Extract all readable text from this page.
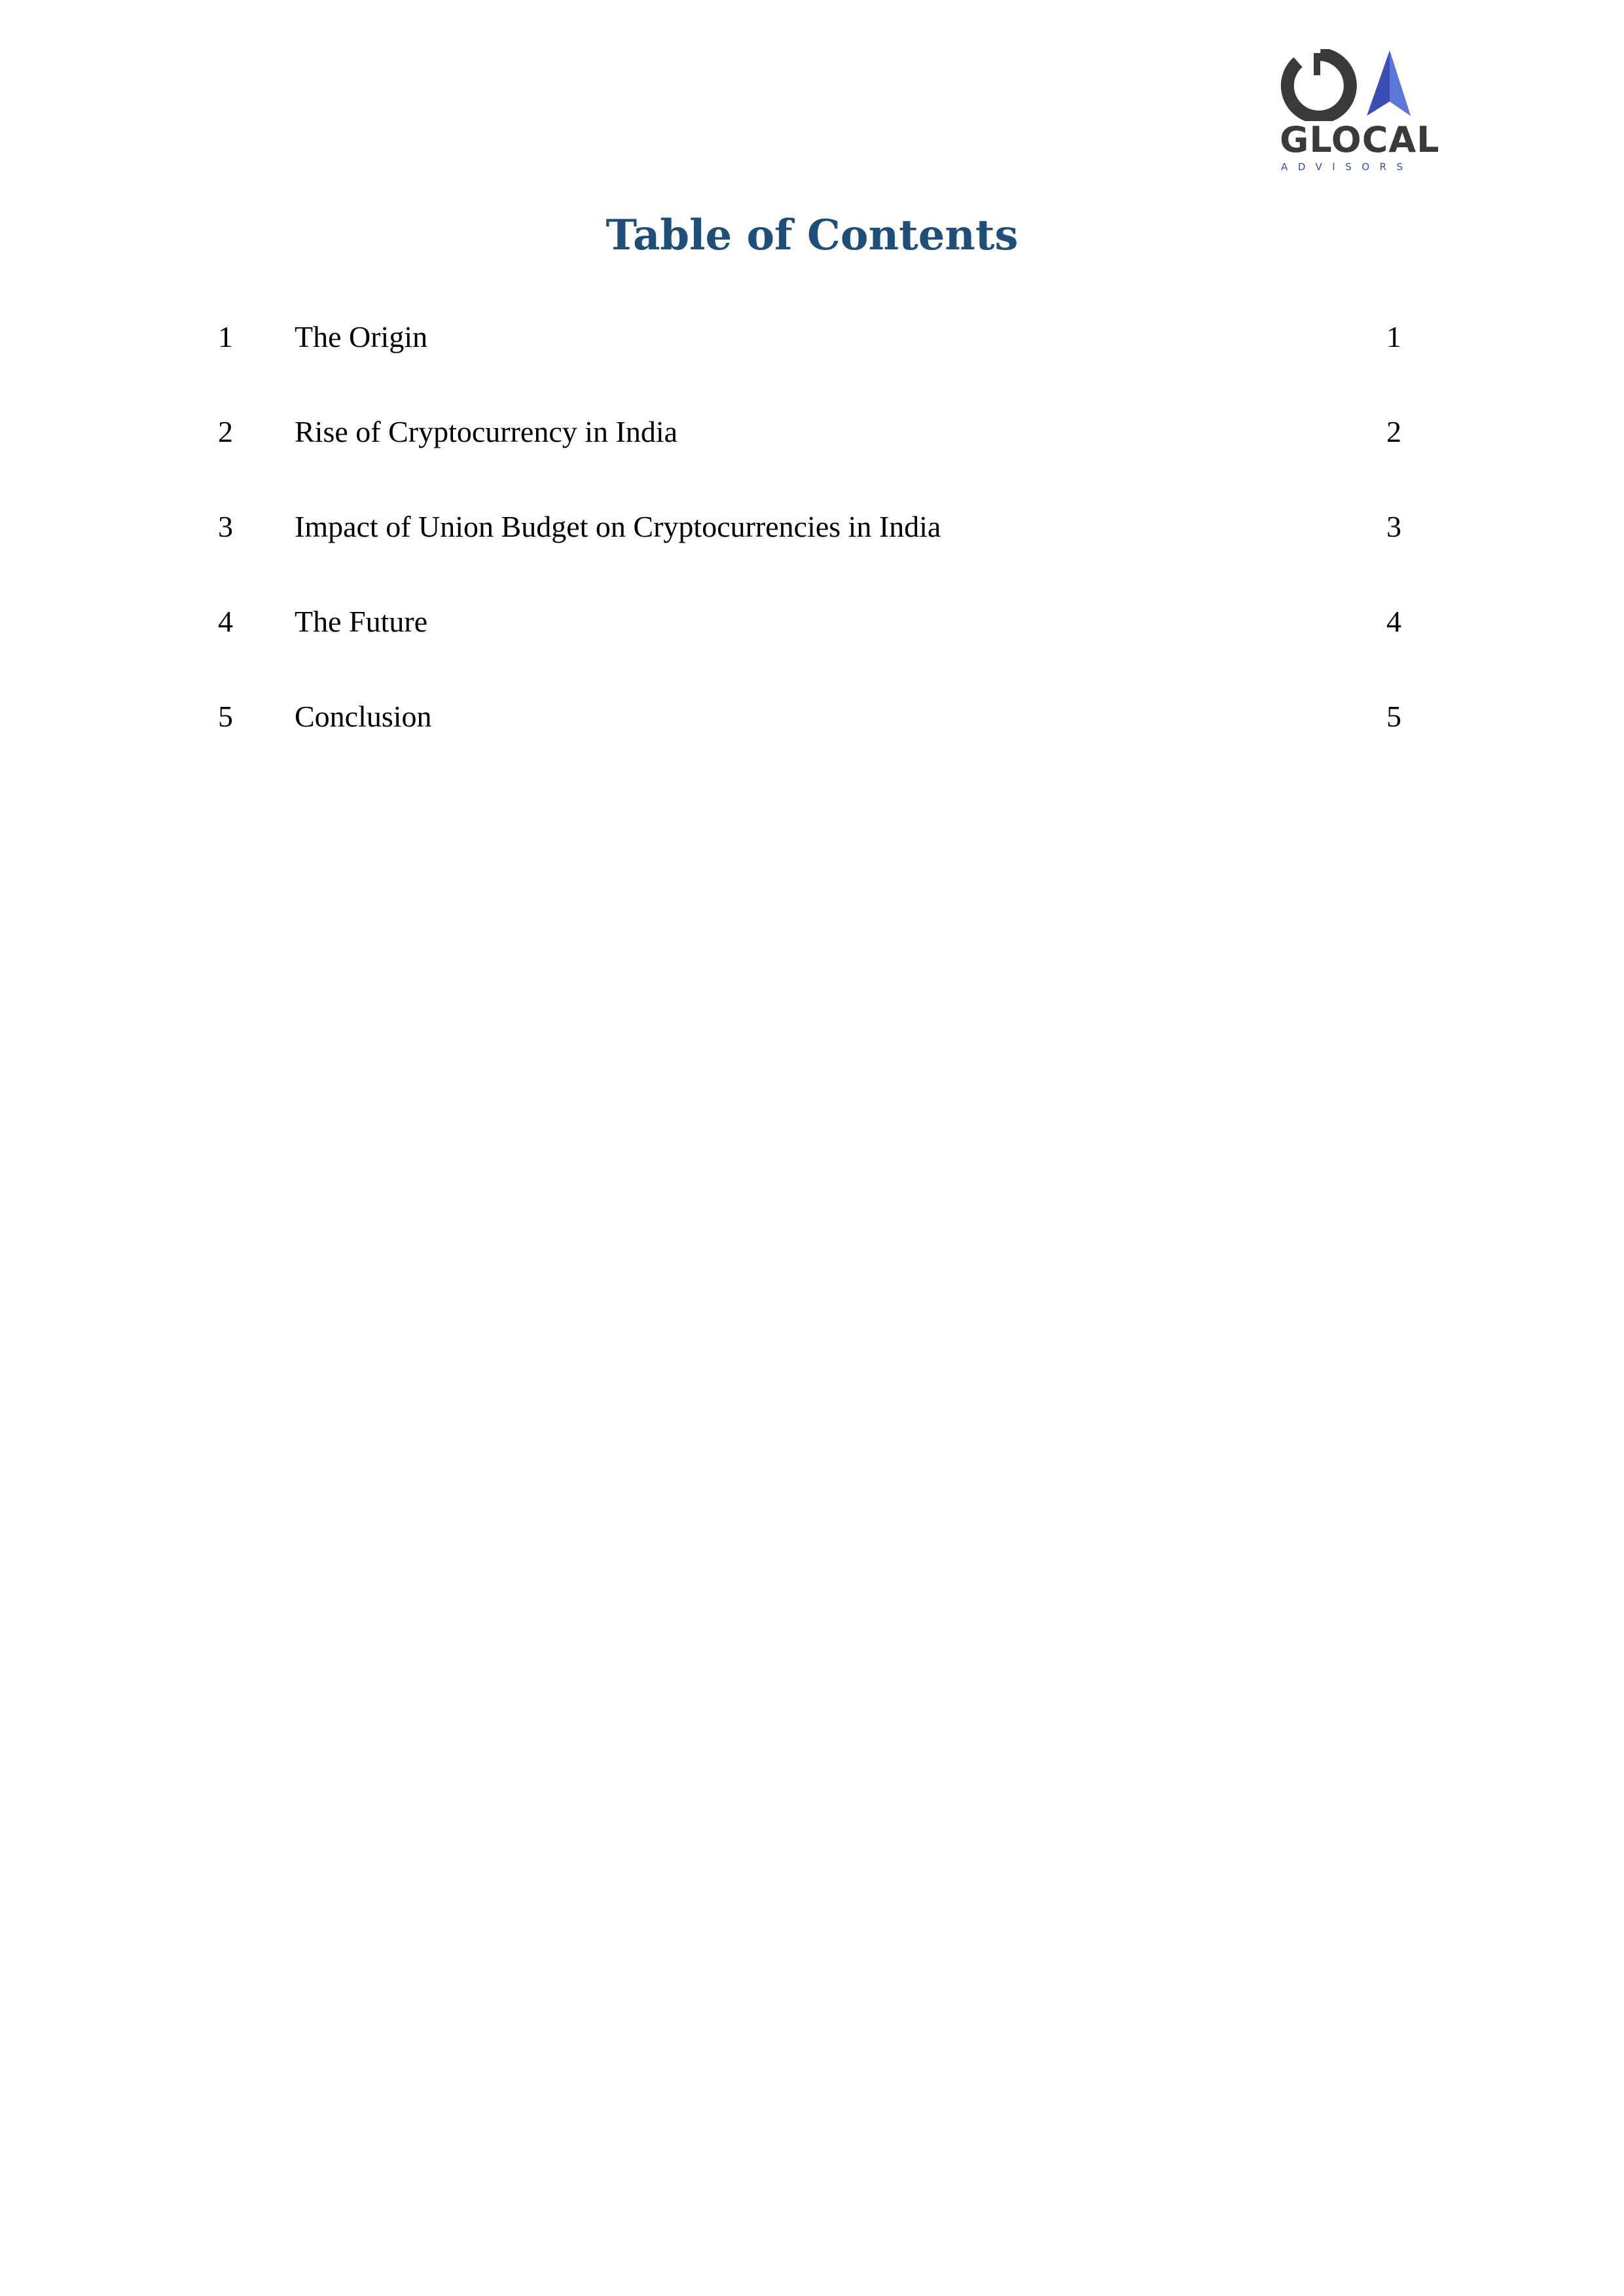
GLOCAL
ADVISORS
Table of Contents
1 The Origin	1
2 Rise of Cryptocurrency in India	2
3 Impact of Union Budget on Cryptocurrencies in India	3
4 The Future	4
5 Conclusion	5
